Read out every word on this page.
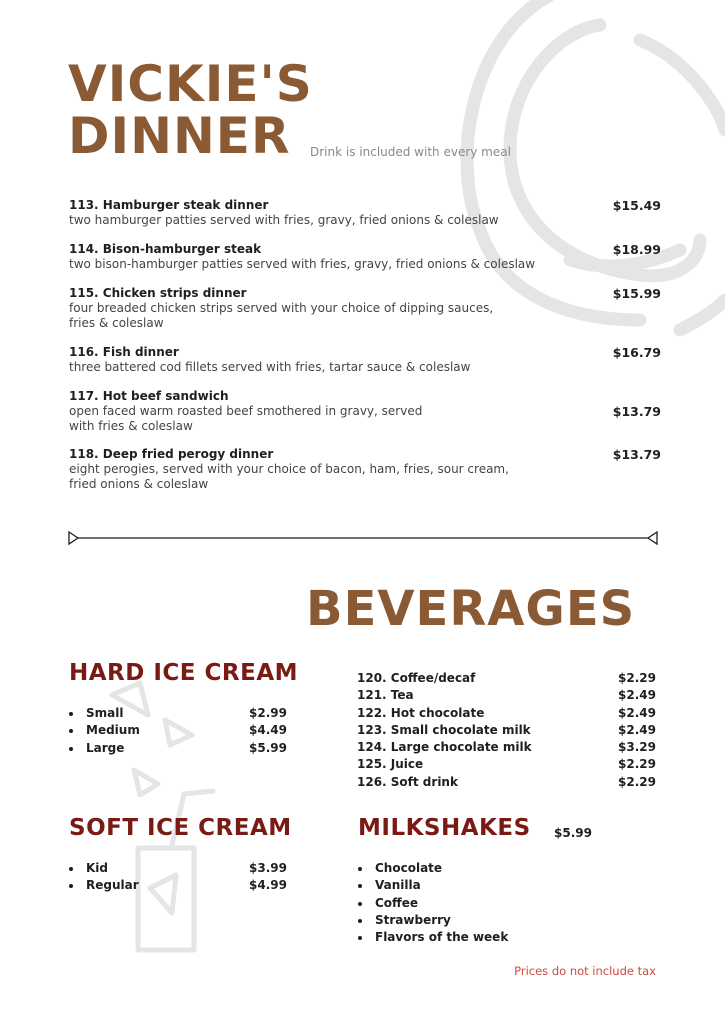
VICKIE'S
DINNER Drink is included with every meal
113. Hamburger steak dinner
two hamburger patties served with fries, gravy, fried onions & coleslaw
$15.49
114. Bison-hamburger steak
two bison-hamburger patties served with fries, gravy, fried onions & coleslaw
$18.99
115. Chicken strips dinner
four breaded chicken strips served with your choice of dipping sauces, fries & coleslaw
$15.99
116. Fish dinner
three battered cod fillets served with fries, tartar sauce & coleslaw
$16.79
117. Hot beef sandwich
open faced warm roasted beef smothered in gravy, served with fries & coleslaw
$13.79
118. Deep fried perogy dinner
eight perogies, served with your choice of bacon, ham, fries, sour cream, fried onions & coleslaw
$13.79
BEVERAGES
HARD ICE CREAM
Small	$2.99
Medium	$4.49
Large	$5.99
120. Coffee/decaf	$2.29
121. Tea	$2.49
122. Hot chocolate	$2.49
123. Small chocolate milk	$2.49
124. Large chocolate milk	$3.29
125. Juice	$2.29
126. Soft drink	$2.29
SOFT ICE CREAM
Kid	$3.99
Regular	$4.99
MILKSHAKES $5.99
Chocolate
Vanilla
Coffee
Strawberry
Flavors of the week
Prices do not include tax
